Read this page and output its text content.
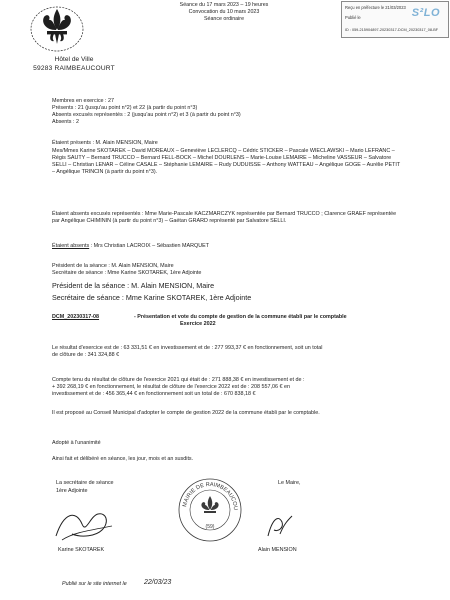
Hôtel de Ville
59283 RAIMBEAUCOURT
Séance du 17 mars 2023 – 19 heures
Convocation du 10 mars 2023
Séance ordinaire
Reçu en préfecture le 21/03/2023
Publié le
ID : 059-215904897-20230317-DCM_20230317_08-BF
S²LO
Membres en exercice : 27
Présents : 21 (jusqu'au point n°2) et 22 (à partir du point n°3)
Absents excusés représentés : 2 (jusqu'au point n°2) et 3 (à partir du point n°3)
Absents : 2
Étaient présents : M. Alain MENSION, Maire
Mes/Mmes Karine SKOTAREK – David MOREAUX – Geneviève LECLERCQ – Cédric STICKER – Pascale WIECLAWSKI – Mario LEFRANC – Régis SAUTY – Bernard TRUCCO – Bernard FELL-BOCK – Michel DOURLENS – Marie-Louise LEMAIRE – Micheline VASSEUR – Salvatore SELLI – Christian LENAR – Céline CASALE – Stéphanie LEMAIRE – Rudy DUDUISSE – Anthony WATTEAU – Angélique GOGE – Aurélie PETIT – Angélique TRINCIN (à partir du point n°3).
Étaient absents excusés représentés : Mme Marie-Pascale KACZMARCZYK représentée par Bernard TRUCCO ; Clarence GRAEF représentée par Angélique CHIMININ (à partir du point n°3) – Gaétan GRARD représenté par Salvatore SELLI.
Étaient absents : Mrs Christian LACROIX – Sébastien MARQUET
Président de la séance : M. Alain MENSION, Maire
Secrétaire de séance : Mme Karine SKOTAREK, 1ère Adjointe
Président de la séance : M. Alain MENSION, Maire
Secrétaire de séance : Mme Karine SKOTAREK, 1ère Adjointe
DCM_20230317-08	- Présentation et vote du compte de gestion de la commune établi par le comptable
Exercice 2022
Le résultat d'exercice est de : 63 331,51 € en investissement et de : 277 993,37 € en fonctionnement, soit un total
de clôture de : 341 324,88 €
Compte tenu du résultat de clôture de l'exercice 2021 qui était de : 271 888,38 € en investissement et de :
+ 392 268,19 € en fonctionnement, le résultat de clôture de l'exercice 2022 est de : 208 557,06 € en
investissement et de : 456 365,44 € en fonctionnement soit un total de : 670 838,18 €
Il est proposé au Conseil Municipal d'adopter le compte de gestion 2022 de la commune établi par le comptable.
Adopté à l'unanimité
Ainsi fait et délibéré en séance, les jour, mois et an susdits.
La secrétaire de séance
1ère Adjointe
Karine SKOTAREK
Le Maire,
Alain MENSION
MAIRIE DE RAIMBEAUCOU
(59)
Publié sur le site internet le 22/03/23
